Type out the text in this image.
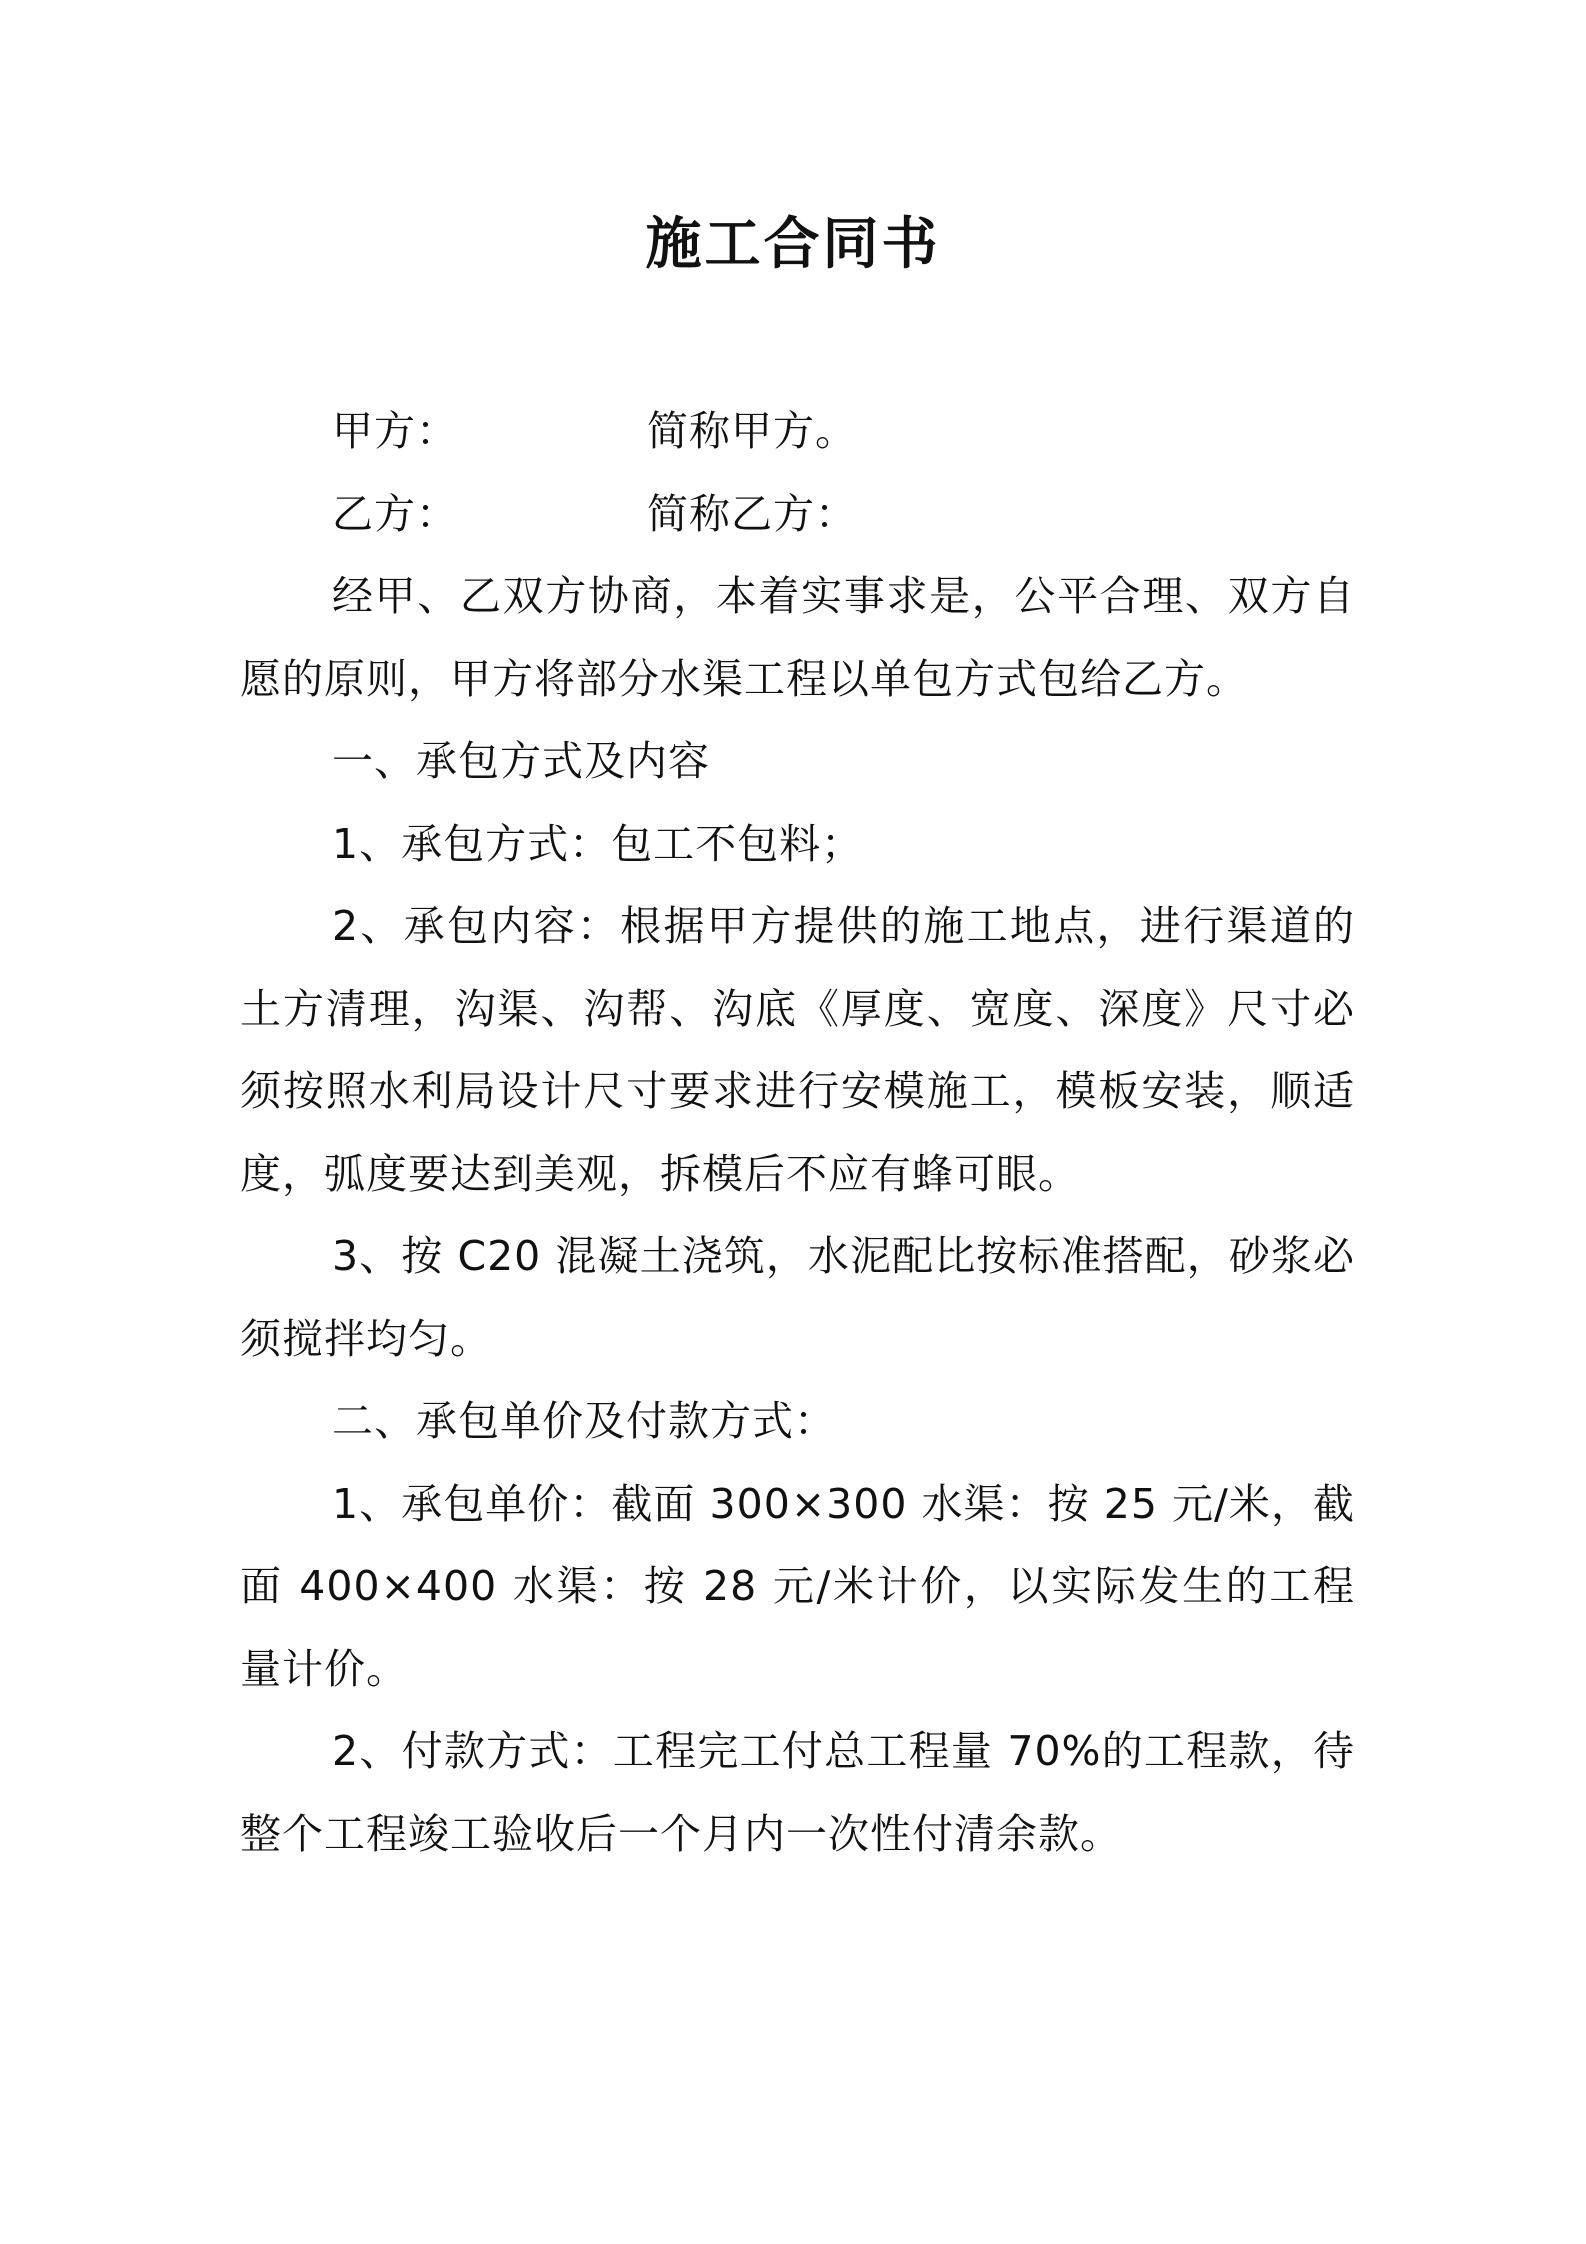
施工合同书
甲方：	简称甲方。
乙方：	简称乙方：

经甲、乙双方协商，本着实事求是，公平合理、双方自愿的原则，甲方将部分水渠工程以单包方式包给乙方。

一、承包方式及内容

1、承包方式：包工不包料；

2、承包内容：根据甲方提供的施工地点，进行渠道的土方清理，沟渠、沟帮、沟底《厚度、宽度、深度》尺寸必须按照水利局设计尺寸要求进行安模施工，模板安装，顺适度，弧度要达到美观，拆模后不应有蜂可眼。

3、按 C20 混凝土浇筑，水泥配比按标准搭配，砂浆必须搅拌均匀。

二、承包单价及付款方式：

1、承包单价：截面 300×300 水渠：按 25 元/米，截面 400×400 水渠：按 28 元/米计价，以实际发生的工程量计价。

2、付款方式：工程完工付总工程量 70%的工程款，待整个工程竣工验收后一个月内一次性付清余款。
